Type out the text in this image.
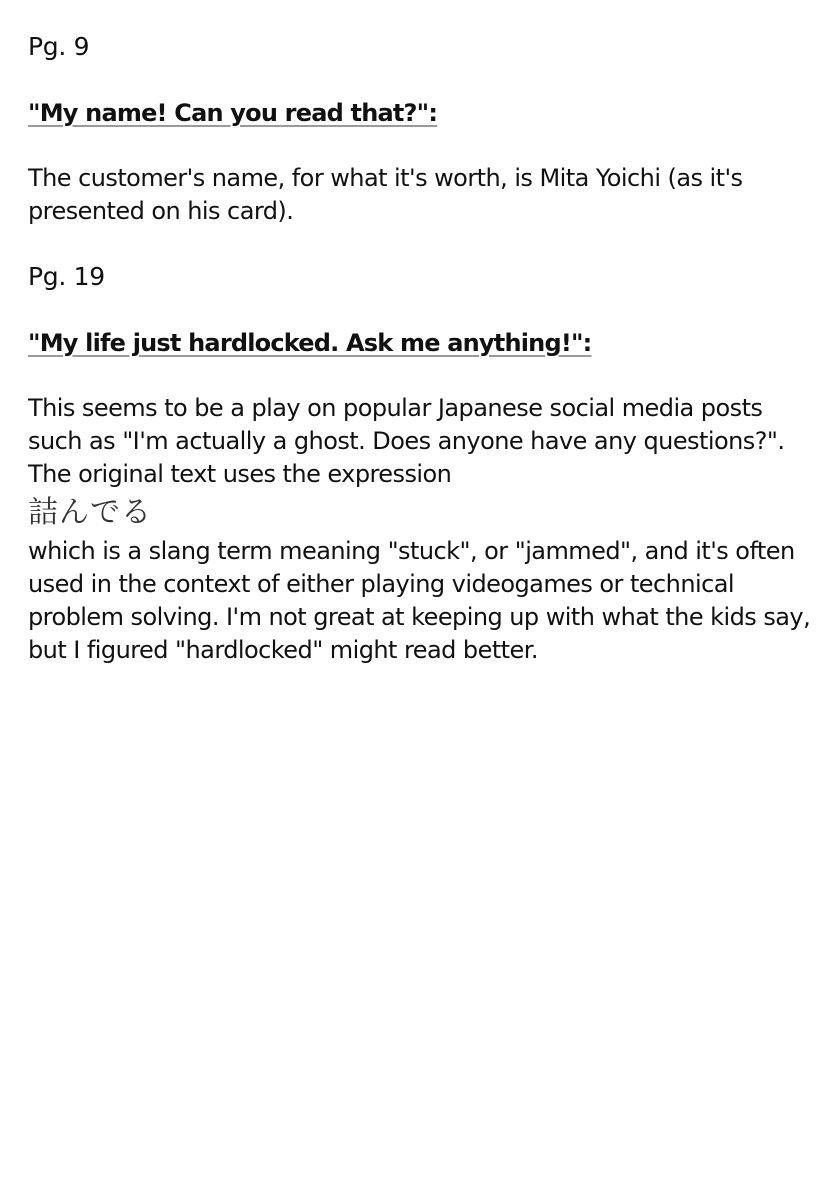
Pg. 9

"My name! Can you read that?":

The customer's name, for what it's worth, is Mita Yoichi (as it's presented on his card).

Pg. 19

"My life just hardlocked. Ask me anything!":

This seems to be a play on popular Japanese social media posts such as "I'm actually a ghost. Does anyone have any questions?". The original text uses the expression

詰んでる

which is a slang term meaning "stuck", or "jammed", and it's often used in the context of either playing videogames or technical problem solving. I'm not great at keeping up with what the kids say, but I figured "hardlocked" might read better.
